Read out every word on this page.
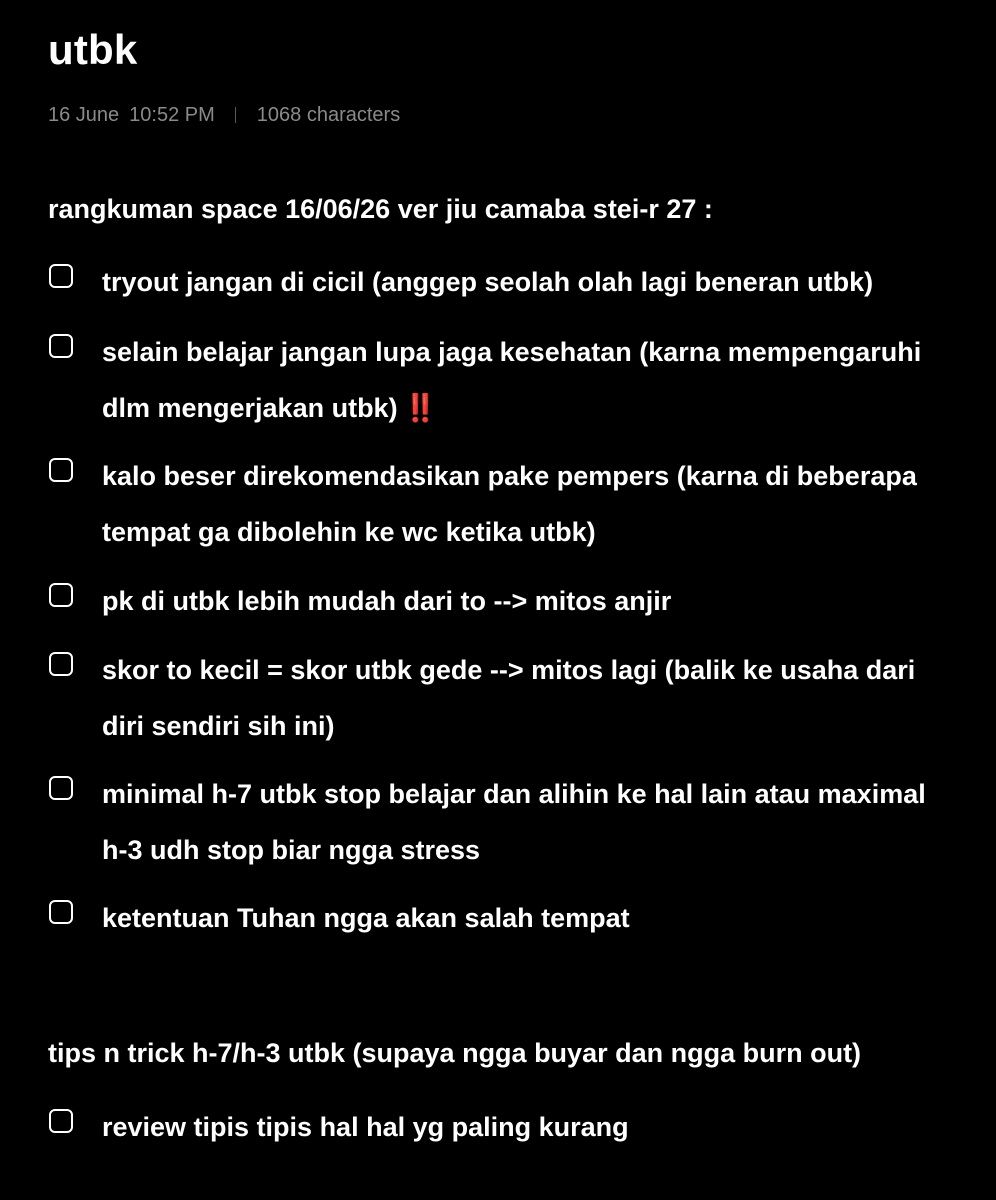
utbk
16 June 10:52 PM 1068 characters
rangkuman space 16/06/26 ver jiu camaba stei-r 27 :
tryout jangan di cicil (anggep seolah olah lagi beneran utbk)
selain belajar jangan lupa jaga kesehatan (karna mempengaruhi dlm mengerjakan utbk) ‼️
kalo beser direkomendasikan pake pempers (karna di beberapa tempat ga dibolehin ke wc ketika utbk)
pk di utbk lebih mudah dari to --> mitos anjir
skor to kecil = skor utbk gede --> mitos lagi (balik ke usaha dari diri sendiri sih ini)
minimal h-7 utbk stop belajar dan alihin ke hal lain atau maximal h-3 udh stop biar ngga stress
ketentuan Tuhan ngga akan salah tempat
tips n trick h-7/h-3 utbk (supaya ngga buyar dan ngga burn out)
review tipis tipis hal hal yg paling kurang
